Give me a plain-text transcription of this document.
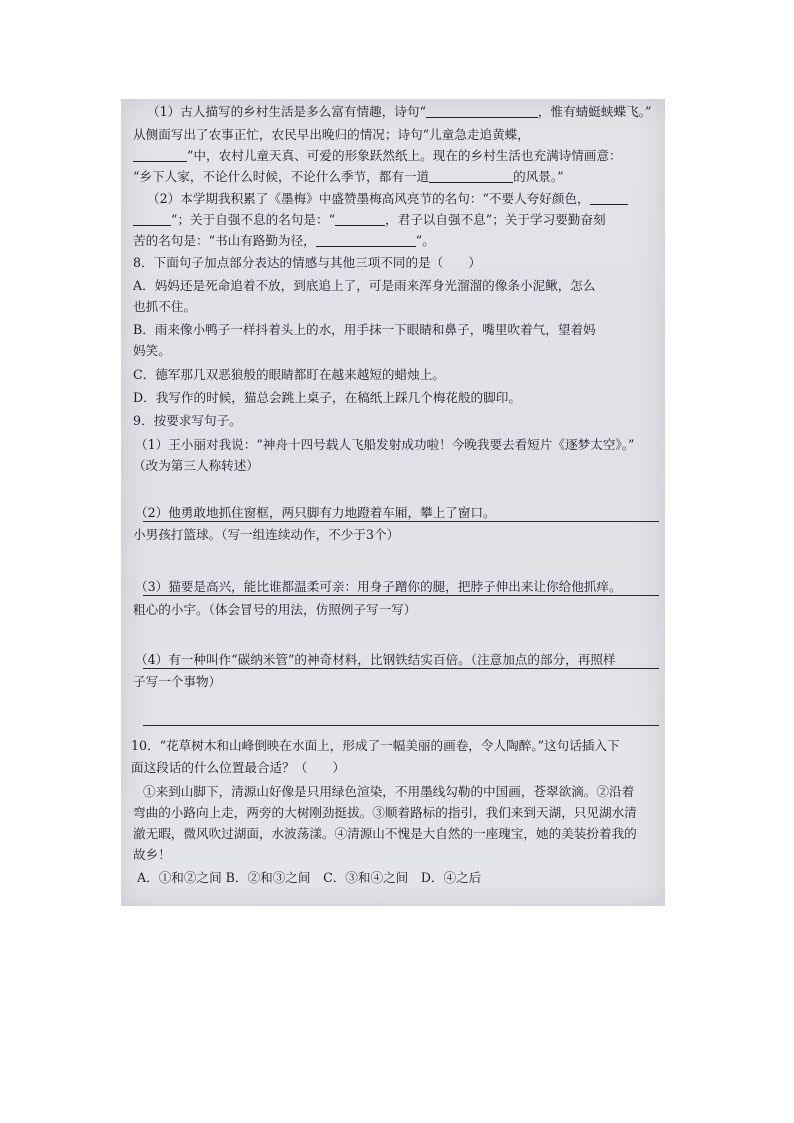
（1）古人描写的乡村生活是多么富有情趣，诗句“	，惟有蜻蜓蛱蝶飞。”
从侧面写出了农事正忙，农民早出晚归的情况；诗句“儿童急走追黄蝶，
”中，农村儿童天真、可爱的形象跃然纸上。现在的乡村生活也充满诗情画意：
“乡下人家，不论什么时候，不论什么季节，都有一道	的风景。”
（2）本学期我积累了《墨梅》中盛赞墨梅高风亮节的名句：“不要人夸好颜色，
”；关于自强不息的名句是：“	，君子以自强不息”；关于学习要勤奋刻
苦的名句是：“书山有路勤为径，	”。
8．下面句子加点部分表达的情感与其他三项不同的是（　　）
A．妈妈还是死命追着不放，到底追上了，可是雨来浑身光溜溜的像条小泥鳅，怎么
也抓不住。
B．雨来像小鸭子一样抖着头上的水，用手抹一下眼睛和鼻子，嘴里吹着气，望着妈
妈笑。
C．德军那几双恶狼般的眼睛都盯在越来越短的蜡烛上。
D．我写作的时候，猫总会跳上桌子，在稿纸上踩几个梅花般的脚印。
9．按要求写句子。
（1）王小丽对我说：“神舟十四号载人飞船发射成功啦！今晚我要去看短片《逐梦太空》。”
（改为第三人称转述）
（2）他勇敢地抓住窗框，两只脚有力地蹬着车厢，攀上了窗口。
小男孩打篮球。（写一组连续动作，不少于3个）
（3）猫要是高兴，能比谁都温柔可亲：用身子蹭你的腿，把脖子伸出来让你给他抓痒。
粗心的小宇。（体会冒号的用法，仿照例子写一写）
（4）有一种叫作“碳纳米管”的神奇材料，比钢铁结实百倍。（注意加点的部分，再照样
子写一个事物）
10．“花草树木和山峰倒映在水面上，形成了一幅美丽的画卷，令人陶醉。”这句话插入下
面这段话的什么位置最合适？（　　）
①来到山脚下，清源山好像是只用绿色渲染，不用墨线勾勒的中国画，苍翠欲滴。②沿着
弯曲的小路向上走，两旁的大树刚劲挺拔。③顺着路标的指引，我们来到天湖，只见湖水清
澈无暇，微风吹过湖面，水波荡漾。④清源山不愧是大自然的一座瑰宝，她的美装扮着我的
故乡！
A．①和②之间 B．②和③之间　C．③和④之间　D．④之后
